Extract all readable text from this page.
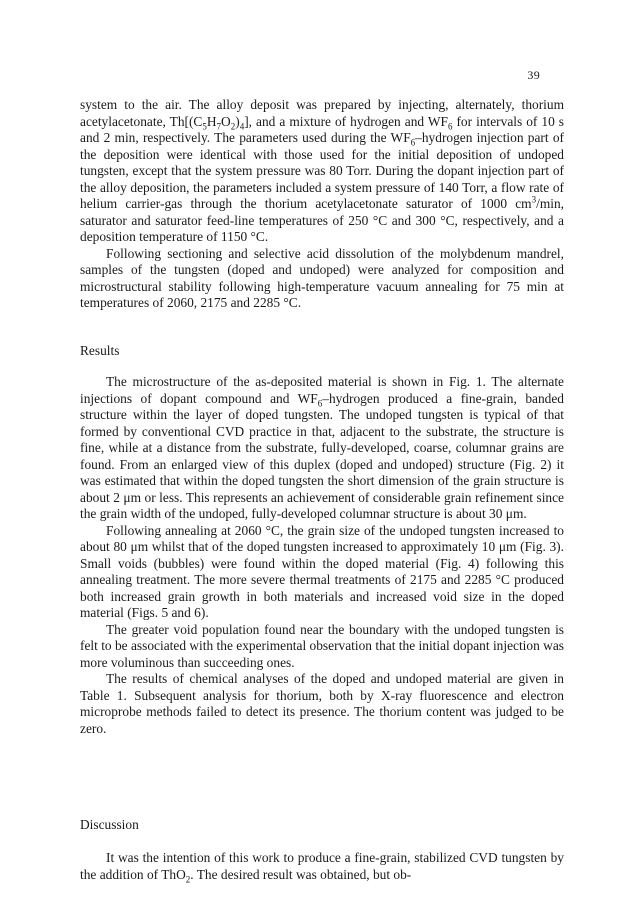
39

system to the air. The alloy deposit was prepared by injecting, alternately, thorium acetylacetonate, $Th[(C_5H_7O_2)_4]$, and a mixture of hydrogen and $WF_6$ for intervals of 10 s and 2 min, respectively. The parameters used during the $WF_6$–hydrogen injection part of the deposition were identical with those used for the initial deposition of undoped tungsten, except that the system pressure was 80 Torr. During the dopant injection part of the alloy deposition, the parameters included a system pressure of 140 Torr, a flow rate of helium carrier-gas through the thorium acetylacetonate saturator of 1000 $cm^3/\min$, saturator and saturator feed-line temperatures of 250 °C and 300 °C, respectively, and a deposition temperature of 1150 °C.

Following sectioning and selective acid dissolution of the molybdenum mandrel, samples of the tungsten (doped and undoped) were analyzed for composition and microstructural stability following high-temperature vacuum annealing for 75 min at temperatures of 2060, 2175 and 2285 °C.

Results

The microstructure of the as-deposited material is shown in Fig. 1. The alternate injections of dopant compound and $WF_6$–hydrogen produced a fine-grain, banded structure within the layer of doped tungsten. The undoped tungsten is typical of that formed by conventional CVD practice in that, adjacent to the substrate, the structure is fine, while at a distance from the substrate, fully-developed, coarse, columnar grains are found. From an enlarged view of this duplex (doped and undoped) structure (Fig. 2) it was estimated that within the doped tungsten the short dimension of the grain structure is about 2 μm or less. This represents an achievement of considerable grain refinement since the grain width of the undoped, fully-developed columnar structure is about 30 μm.

Following annealing at 2060 °C, the grain size of the undoped tungsten increased to about 80 μm whilst that of the doped tungsten increased to approximately 10 μm (Fig. 3). Small voids (bubbles) were found within the doped material (Fig. 4) following this annealing treatment. The more severe thermal treatments of 2175 and 2285 °C produced both increased grain growth in both materials and increased void size in the doped material (Figs. 5 and 6).

The greater void population found near the boundary with the undoped tungsten is felt to be associated with the experimental observation that the initial dopant injection was more voluminous than succeeding ones.

The results of chemical analyses of the doped and undoped material are given in Table 1. Subsequent analysis for thorium, both by X-ray fluorescence and electron microprobe methods failed to detect its presence. The thorium content was judged to be zero.

Discussion

It was the intention of this work to produce a fine-grain, stabilized CVD tungsten by the addition of ThO$_2$. The desired result was obtained, but ob-
